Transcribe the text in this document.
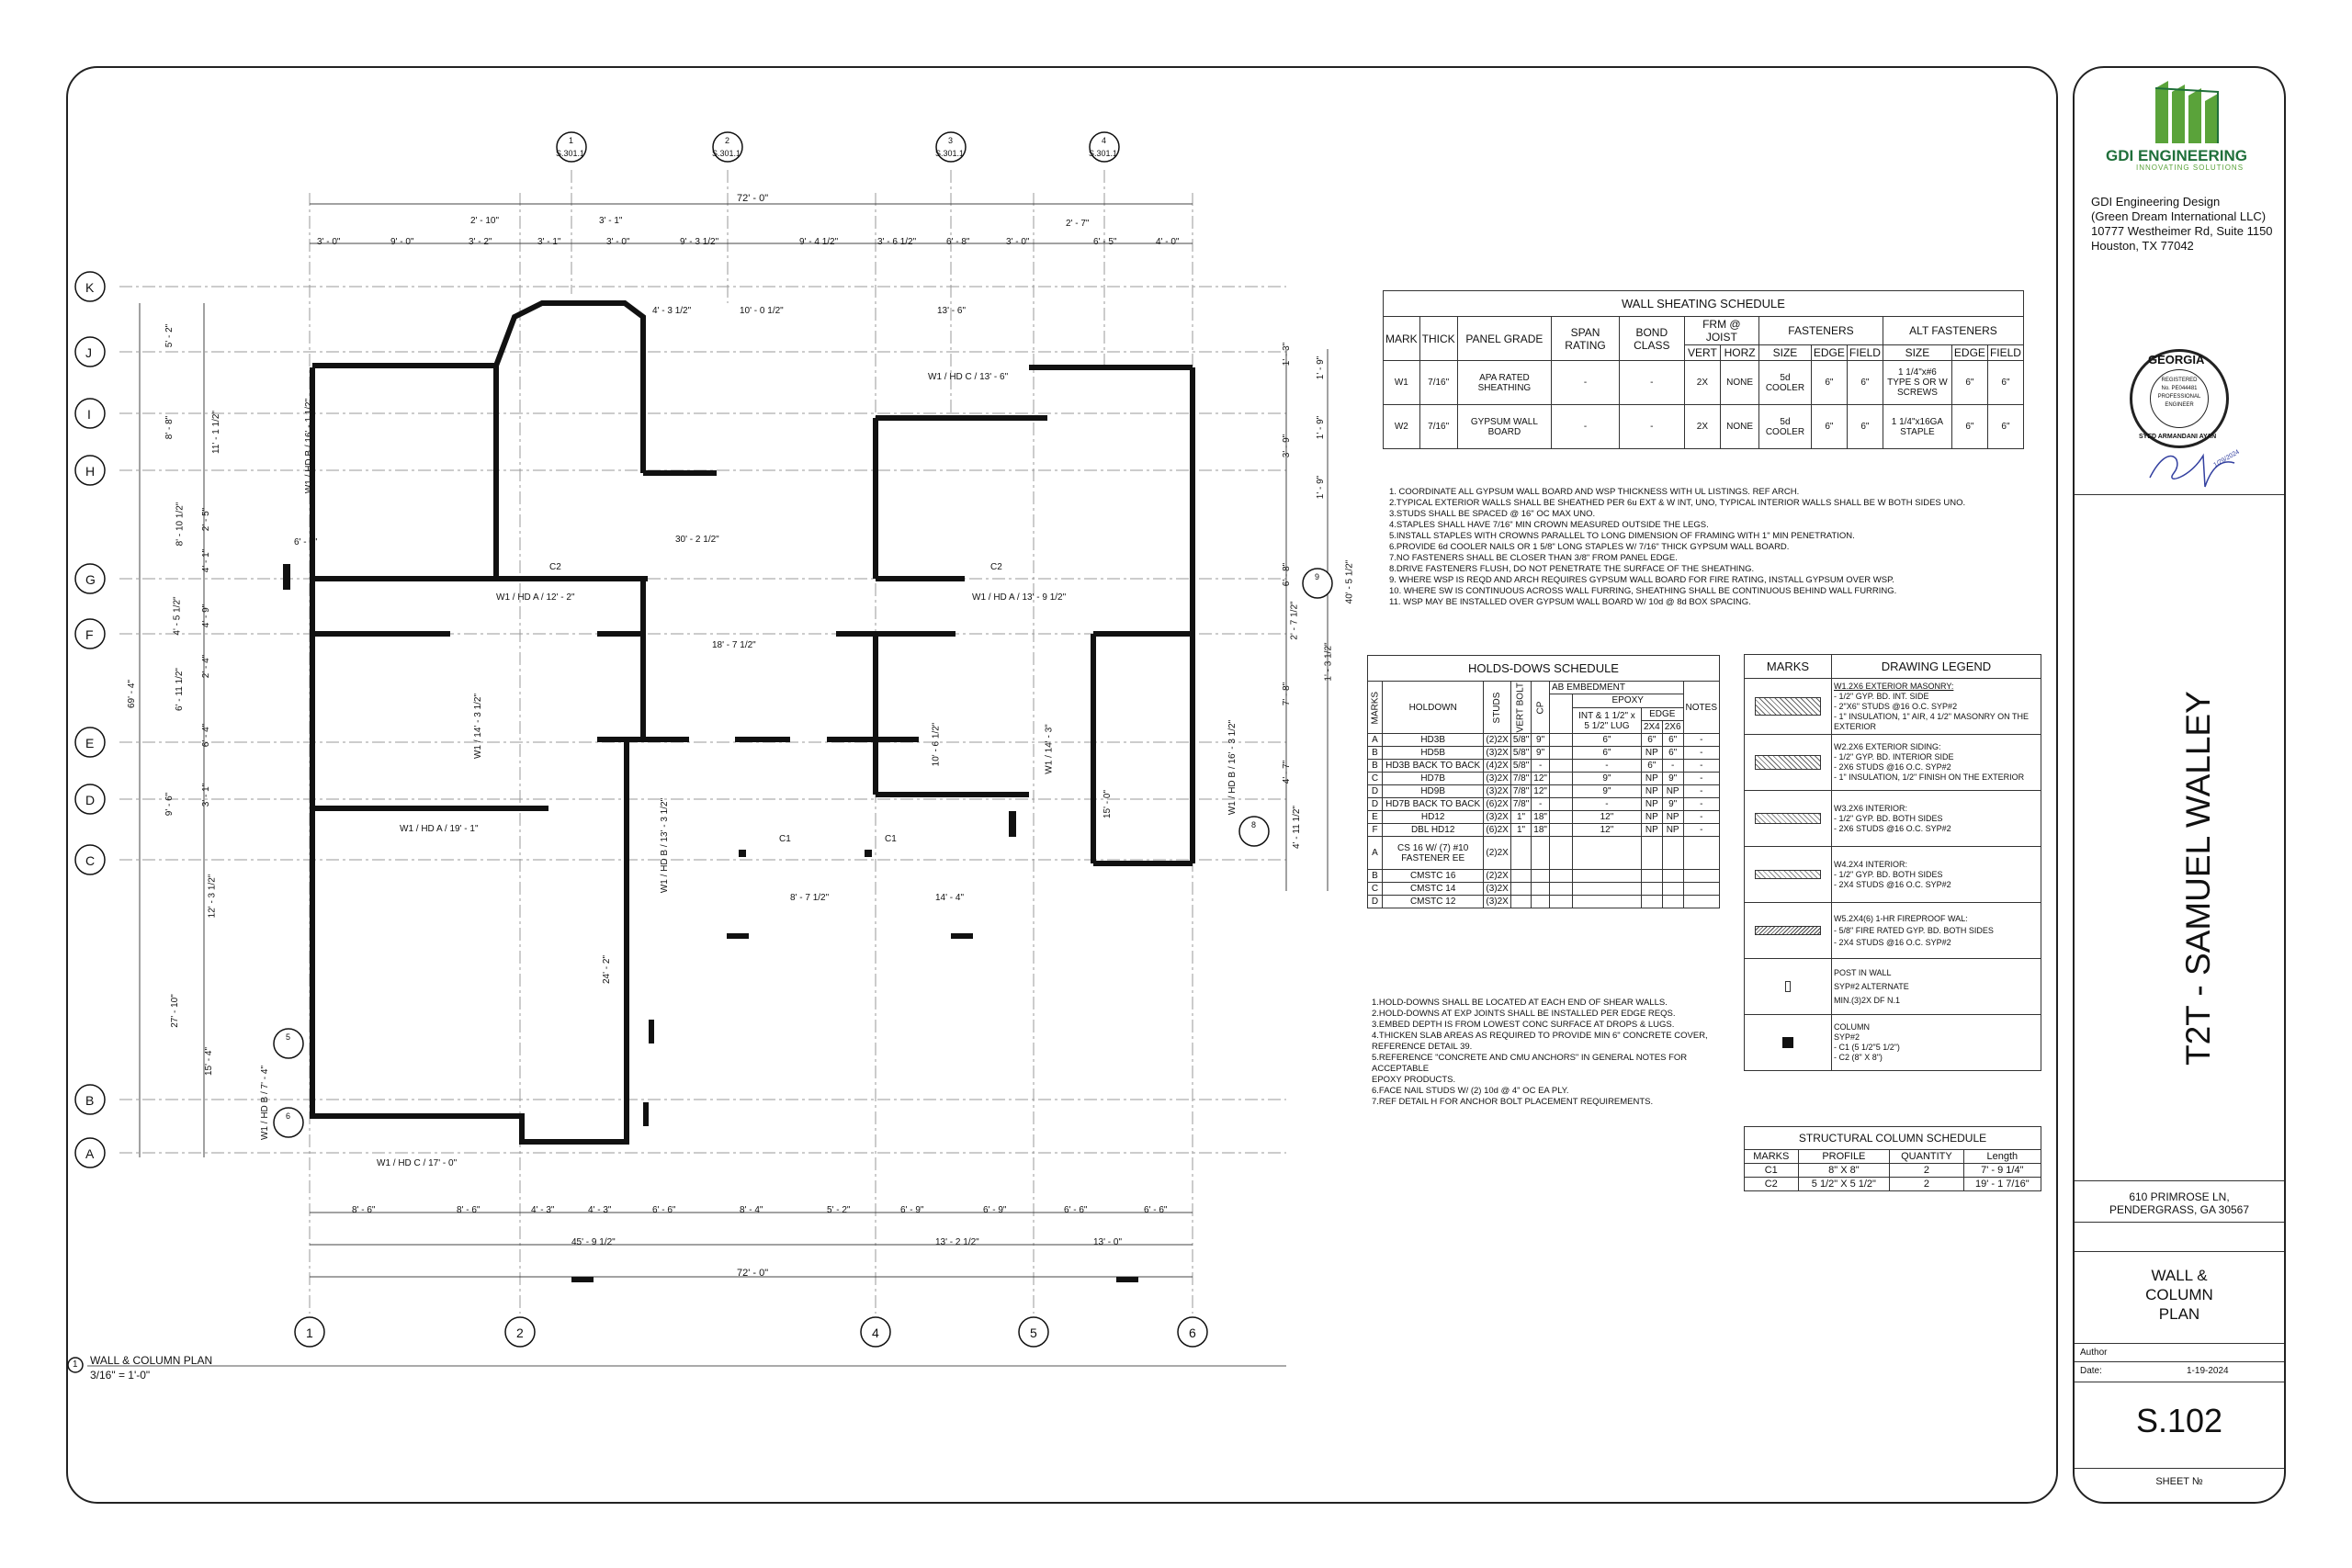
K
J
I
H
G
F
E
D
C
B
A
1	2	4	5	6
1
S.301.1
2
S.301.1
3
S.301.1
4
S.301.1
5
6
8
9
72' - 0"
72' - 0"
3' - 0"	9' - 0"	3' - 2"	3' - 1"	3' - 0"	9' - 3 1/2"	9' - 4 1/2"	3' - 6 1/2"	6' - 8"	3' - 0"	6' - 5"	4' - 0"
8' - 6"	8' - 6"	4' - 3"	4' - 3"	6' - 6"	8' - 4"	5' - 2"	6' - 9"	6' - 9"	6' - 6"	6' - 6"
45' - 9 1/2"	13' - 2 1/2"	13' - 0"
5' - 2"
8' - 8"	11' - 1 1/2"
2' - 5"
8' - 10 1/2"
4' - 1"
4' - 5 1/2" 4' - 9"
2' - 4"
6' - 11 1/2"
6' - 4"
3' - 1"
9' - 6"
12' - 3 1/2"
27' - 10"
15' - 4"
69' - 4"
1' - 3"
1' - 9"
1' - 9"
3' - 9"
1' - 9"
6' - 8"
2' - 7 1/2"
1' - 3 1/2"
7' - 8"
4' - 7"
4' - 11 1/2"
40' - 5 1/2"
W1 / HD C / 13' - 6"
W1 / HD A / 12' - 2"	W1 / HD A / 13' - 9 1/2"
W1 / HD A / 19' - 1"
W1 / HD C / 17' - 0"
W1 / HD B / 16' - 1 1/2"
W1 / HD B / 13' - 3 1/2"
W1 / HD B / 16' - 3 1/2"
W1 / HD B / 7' - 4"
W1 / 14' - 3 1/2"	W1 / 14' - 3"
C1	C1
C2	C2
8' - 7 1/2"	14' - 4"
24' - 2"
18' - 7 1/2"
30' - 2 1/2"
10' - 0 1/2"	13' - 6"
4' - 3 1/2"
2' - 10"	3' - 1"	2' - 7"
6' - 0"
10' - 6 1/2"
15' - 0"
1 WALL & COLUMN PLAN
3/16" = 1'-0"
WALL SHEATING SCHEDULE												
MARK	THICK	PANEL GRADE	SPAN RATING	BOND CLASS	FRM @ JOIST		FASTENERS			ALT FASTENERS		
					VERT	HORZ	SIZE	EDGE	FIELD	SIZE	EDGE	FIELD
W1	7/16"	APA RATED SHEATHING	-	-	2X	NONE	5d COOLER	6"	6"	1 1/4"x#6 TYPE S OR W SCREWS	6"	6"
W2	7/16"	GYPSUM WALL BOARD	-	-	2X	NONE	5d COOLER	6"	6"	1 1/4"x16GA STAPLE	6"	6"
1. COORDINATE ALL GYPSUM WALL BOARD AND WSP THICKNESS WITH UL LISTINGS. REF ARCH.
2.TYPICAL EXTERIOR WALLS SHALL BE SHEATHED PER 6u EXT & W INT, UNO, TYPICAL INTERIOR WALLS SHALL BE W BOTH SIDES UNO.
3.STUDS SHALL BE SPACED @ 16" OC MAX UNO.
4.STAPLES SHALL HAVE 7/16" MIN CROWN MEASURED OUTSIDE THE LEGS.
5.INSTALL STAPLES WITH CROWNS PARALLEL TO LONG DIMENSION OF FRAMING WITH 1" MIN PENETRATION.
6.PROVIDE 6d COOLER NAILS OR 1 5/8" LONG STAPLES W/ 7/16" THICK GYPSUM WALL BOARD.
7.NO FASTENERS SHALL BE CLOSER THAN 3/8" FROM PANEL EDGE.
8.DRIVE FASTENERS FLUSH, DO NOT PENETRATE THE SURFACE OF THE SHEATHING.
9. WHERE WSP IS REQD AND ARCH REQUIRES GYPSUM WALL BOARD FOR FIRE RATING, INSTALL GYPSUM OVER WSP.
10. WHERE SW IS CONTINUOUS ACROSS WALL FURRING, SHEATHING SHALL BE CONTINUOUS BEHIND WALL FURRING.
11. WSP MAY BE INSTALLED OVER GYPSUM WALL BOARD W/ 10d @ 8d BOX SPACING.
HOLDS-DOWS SCHEDULE									
MARKS	HOLDOWN	STUDS	VERT BOLT	CP	AB EMBEDMENT				NOTES
						EPOXY			
						INT & 1 1/2" x 5 1/2" LUG	EDGE		
							2X4	2X6	
A	HD3B	(2)2X	5/8"	9"		6"	6"	6"	-
B	HD5B	(3)2X	5/8"	9"		6"	NP	6"	-
B	HD3B BACK TO BACK	(4)2X	5/8"	-		-	6"	-	-
C	HD7B	(3)2X	7/8"	12"		9"	NP	9"	-
D	HD9B	(3)2X	7/8"	12"		9"	NP	NP	-
D	HD7B BACK TO BACK	(6)2X	7/8"	-		-	NP	9"	-
E	HD12	(3)2X	1"	18"		12"	NP	NP	-
F	DBL HD12	(6)2X	1"	18"		12"	NP	NP	-
A	CS 16 W/ (7) #10 FASTENER EE	(2)2X							
B	CMSTC 16	(2)2X							
C	CMSTC 14	(3)2X							
D	CMSTC 12	(3)2X							
1.HOLD-DOWNS SHALL BE LOCATED AT EACH END OF SHEAR WALLS.
2.HOLD-DOWNS AT EXP JOINTS SHALL BE INSTALLED PER EDGE REQS.
3.EMBED DEPTH IS FROM LOWEST CONC SURFACE AT DROPS & LUGS.
4.THICKEN SLAB AREAS AS REQUIRED TO PROVIDE MIN 6" CONCRETE COVER,
REFERENCE DETAIL 39.
5.REFERENCE "CONCRETE AND CMU ANCHORS" IN GENERAL NOTES FOR
ACCEPTABLE
EPOXY PRODUCTS.
6.FACE NAIL STUDS W/ (2) 10d @ 4" OC EA PLY.
7.REF DETAIL H FOR ANCHOR BOLT PLACEMENT REQUIREMENTS.
MARKS	DRAWING LEGEND

	W1.2X6 EXTERIOR MASONRY:
- 1/2" GYP. BD. INT. SIDE
- 2"X6" STUDS @16 O.C. SYP#2
- 1" INSULATION, 1" AIR, 4 1/2" MASONRY ON THE EXTERIOR

	W2.2X6 EXTERIOR SIDING:
- 1/2" GYP. BD. INTERIOR SIDE
- 2X6 STUDS @16 O.C. SYP#2
- 1" INSULATION, 1/2" FINISH ON THE EXTERIOR

	W3.2X6 INTERIOR:
- 1/2" GYP. BD. BOTH SIDES
- 2X6 STUDS @16 O.C. SYP#2

	W4.2X4 INTERIOR:
- 1/2" GYP. BD. BOTH SIDES
- 2X4 STUDS @16 O.C. SYP#2

	W5.2X4(6) 1-HR FIREPROOF WAL:
- 5/8" FIRE RATED GYP. BD. BOTH SIDES
- 2X4 STUDS @16 O.C. SYP#2

	POST IN WALL
SYP#2 ALTERNATE
MIN.(3)2X DF N.1

	COLUMN
SYP#2
- C1 (5 1/2"5 1/2")
- C2 (8" X 8")
STRUCTURAL COLUMN SCHEDULE			
MARKS	PROFILE	QUANTITY	Length
C1	8" X 8"	2	7' - 9 1/4"
C2	5 1/2" X 5 1/2"	2	19' - 1 7/16"
GDI ENGINEERING
INNOVATING SOLUTIONS
GDI Engineering Design
(Green Dream International LLC)
10777 Westheimer Rd, Suite 1150
Houston, TX 77042
GEORGIA
REGISTERED
No. PE044481
PROFESSIONAL
ENGINEER
SYED ARMANDANI AYAN
1/29/2024
T2T - SAMUEL WALLEY
610 PRIMROSE LN,
PENDERGRASS, GA 30567
WALL &
COLUMN
PLAN
Author
Date:	1-19-2024
S.102
SHEET №
